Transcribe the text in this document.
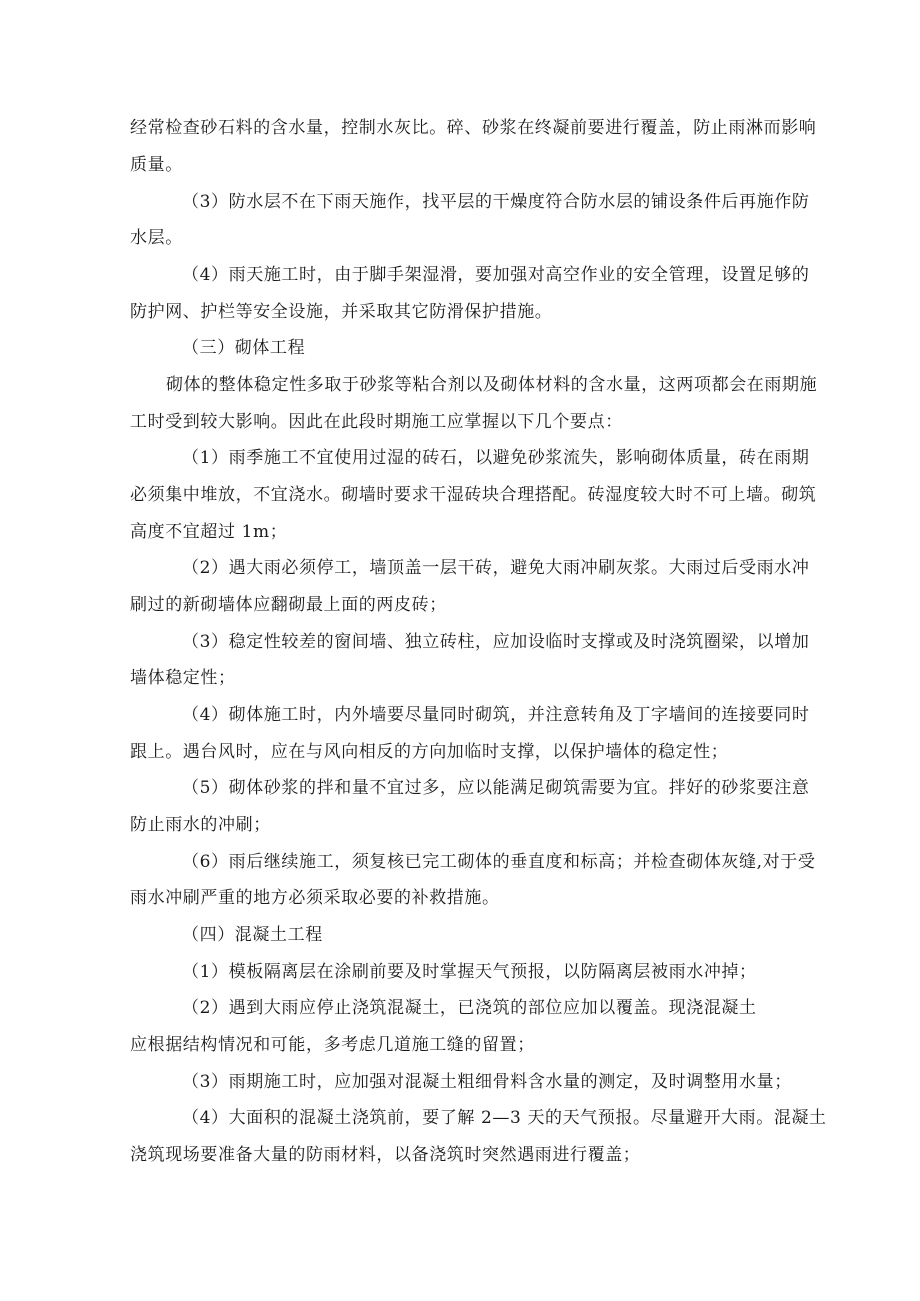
经常检查砂石料的含水量，控制水灰比。碎、砂浆在终凝前要进行覆盖，防止雨淋而影响
质量。
（3）防水层不在下雨天施作，找平层的干燥度符合防水层的铺设条件后再施作防
水层。
（4）雨天施工时，由于脚手架湿滑，要加强对高空作业的安全管理，设置足够的
防护网、护栏等安全设施，并采取其它防滑保护措施。
（三）砌体工程
砌体的整体稳定性多取于砂浆等粘合剂以及砌体材料的含水量，这两项都会在雨期施
工时受到较大影响。因此在此段时期施工应掌握以下几个要点：
（1）雨季施工不宜使用过湿的砖石，以避免砂浆流失，影响砌体质量，砖在雨期
必须集中堆放，不宜浇水。砌墙时要求干湿砖块合理搭配。砖湿度较大时不可上墙。砌筑
高度不宜超过 1m；
（2）遇大雨必须停工，墙顶盖一层干砖，避免大雨冲刷灰浆。大雨过后受雨水冲
刷过的新砌墙体应翻砌最上面的两皮砖；
（3）稳定性较差的窗间墙、独立砖柱，应加设临时支撑或及时浇筑圈梁，以增加
墙体稳定性；
（4）砌体施工时，内外墙要尽量同时砌筑，并注意转角及丁字墙间的连接要同时
跟上。遇台风时，应在与风向相反的方向加临时支撑，以保护墙体的稳定性；
（5）砌体砂浆的拌和量不宜过多，应以能满足砌筑需要为宜。拌好的砂浆要注意
防止雨水的冲刷；
（6）雨后继续施工，须复核已完工砌体的垂直度和标高；并检查砌体灰缝,对于受
雨水冲刷严重的地方必须采取必要的补救措施。
（四）混凝土工程
（1）模板隔离层在涂刷前要及时掌握天气预报，以防隔离层被雨水冲掉；
（2）遇到大雨应停止浇筑混凝土，已浇筑的部位应加以覆盖。现浇混凝土
应根据结构情况和可能，多考虑几道施工缝的留置；
（3）雨期施工时，应加强对混凝土粗细骨料含水量的测定，及时调整用水量；
（4）大面积的混凝土浇筑前，要了解 2—3 天的天气预报。尽量避开大雨。混凝土
浇筑现场要准备大量的防雨材料，以备浇筑时突然遇雨进行覆盖；
